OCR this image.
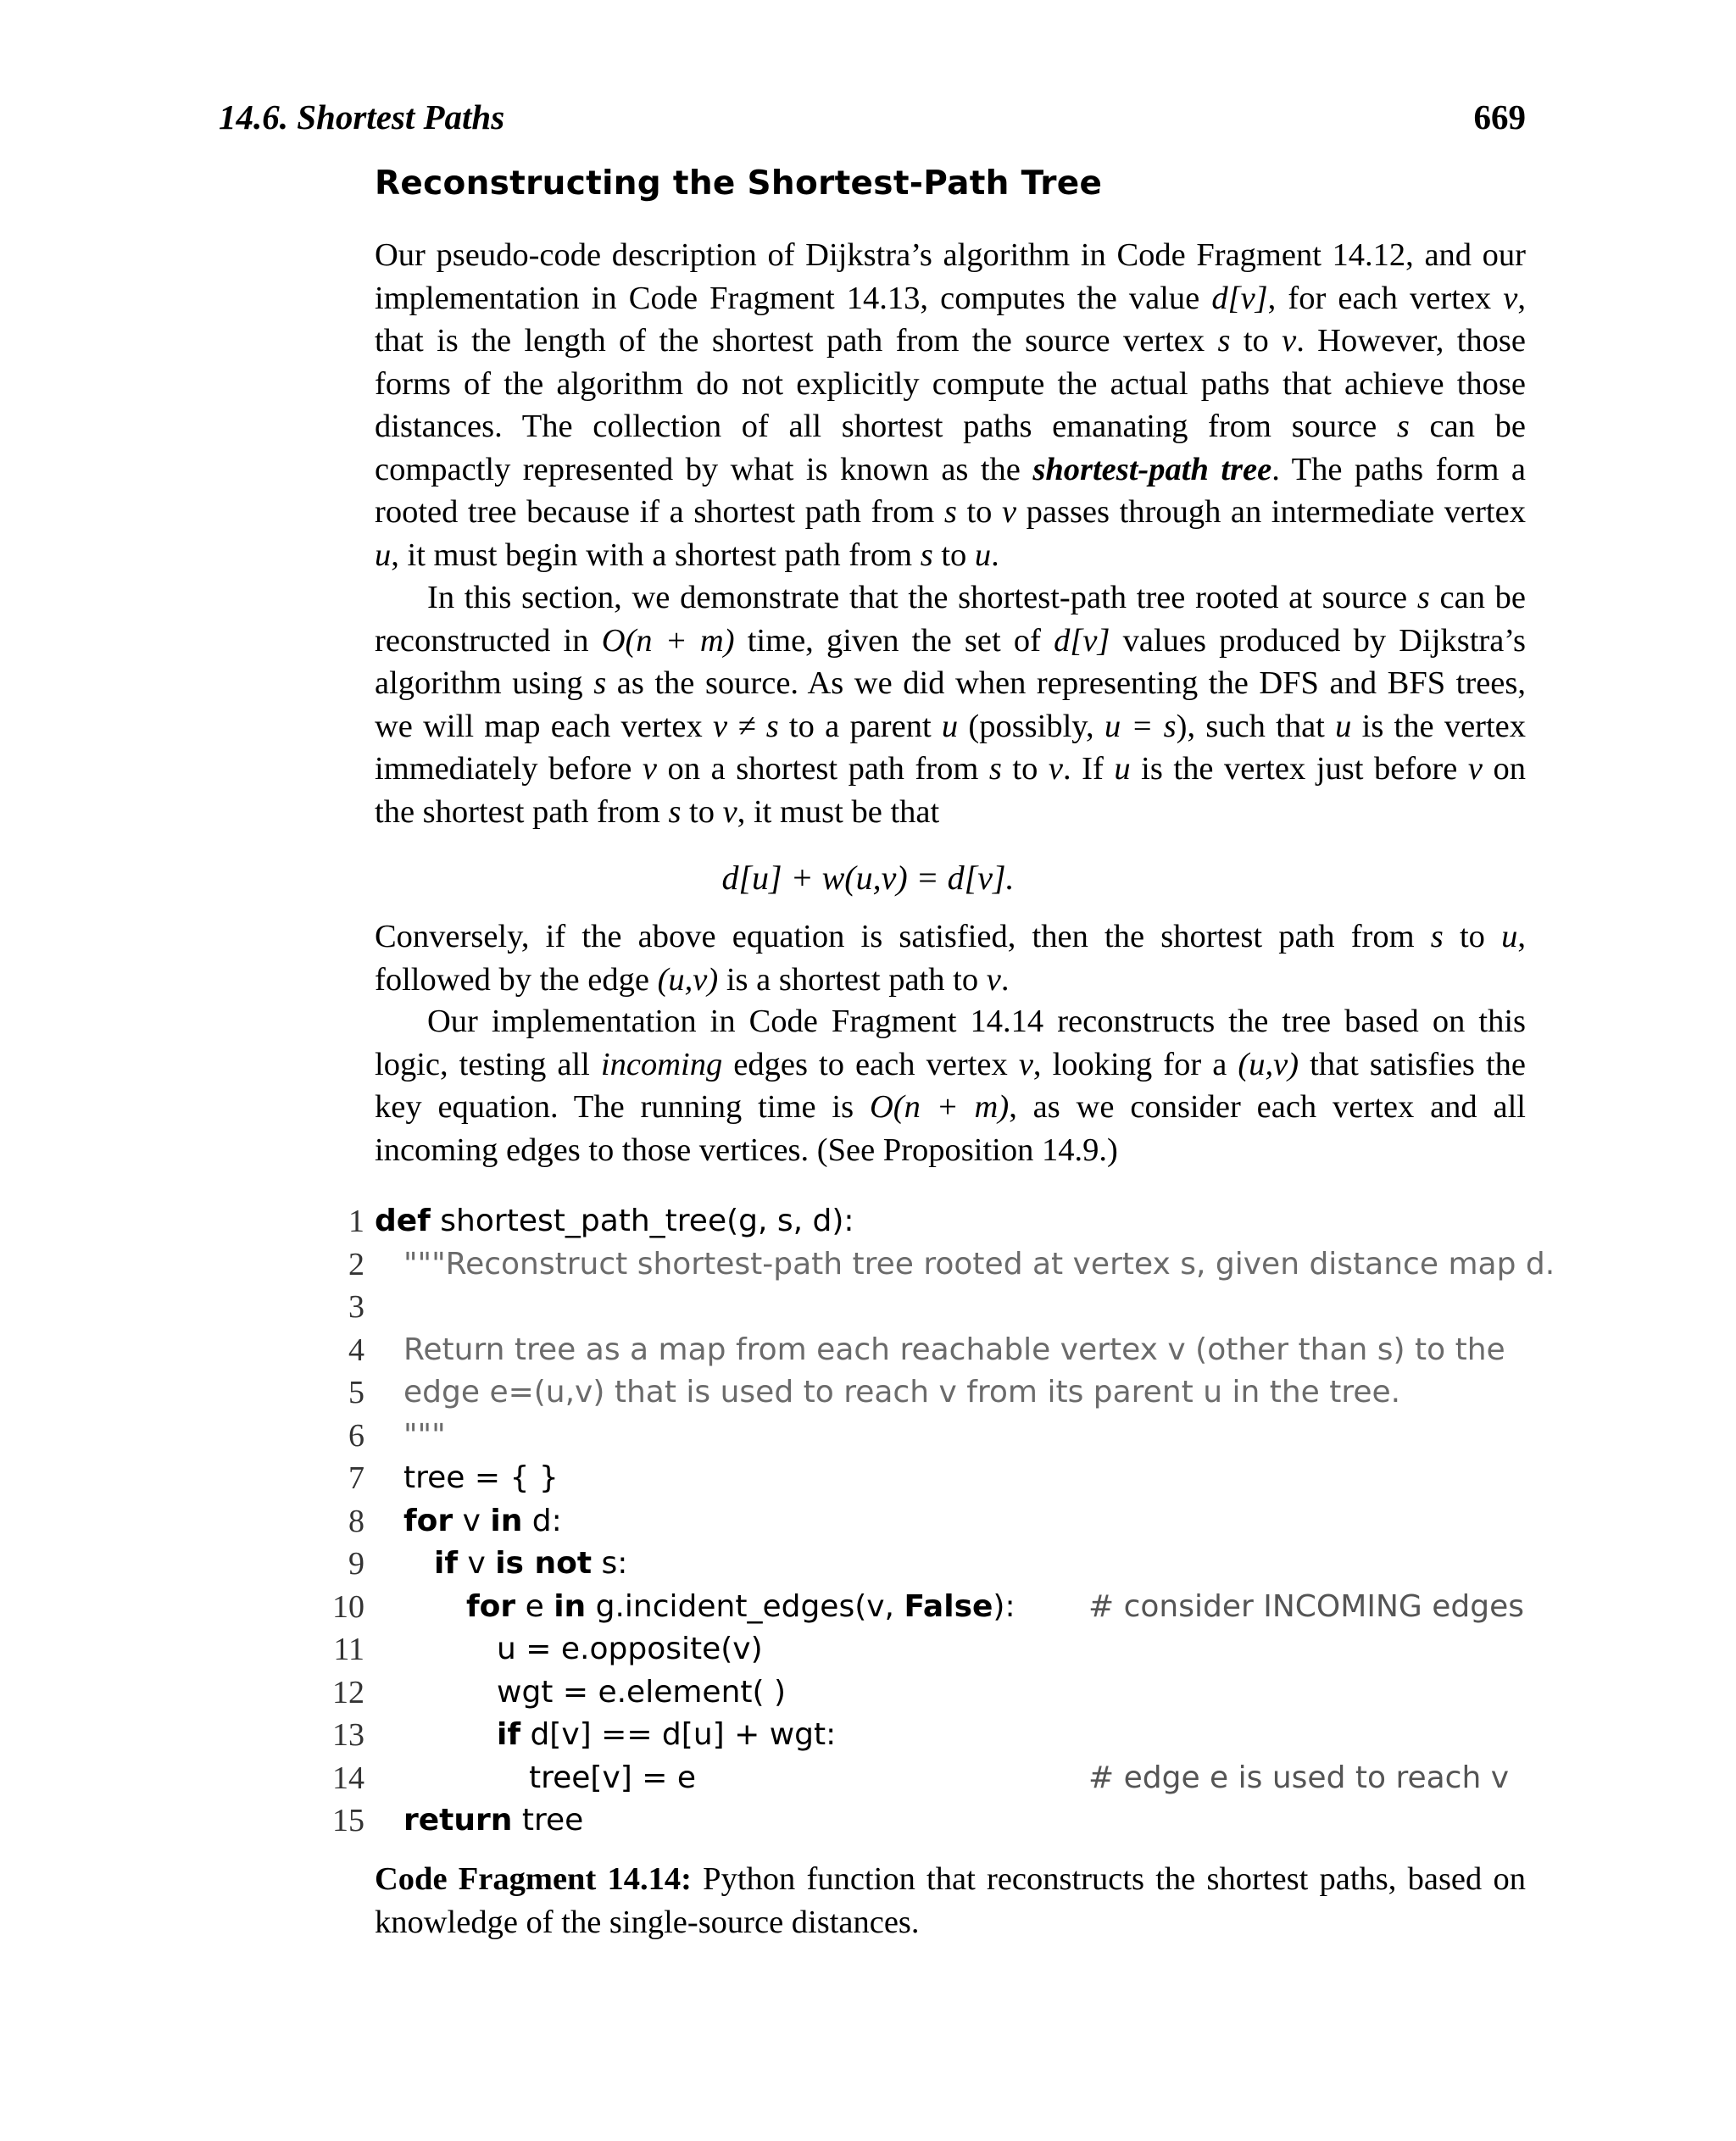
14.6. Shortest Paths	669
Reconstructing the Shortest-Path Tree

Our pseudo-code description of Dijkstra’s algorithm in Code Fragment 14.12, and our implementation in Code Fragment 14.13, computes the value d[v], for each vertex v, that is the length of the shortest path from the source vertex s to v. However, those forms of the algorithm do not explicitly compute the actual paths that achieve those distances. The collection of all shortest paths emanating from source s can be compactly represented by what is known as the shortest-path tree. The paths form a rooted tree because if a shortest path from s to v passes through an intermediate vertex u, it must begin with a shortest path from s to u.

In this section, we demonstrate that the shortest-path tree rooted at source s can be reconstructed in O(n + m) time, given the set of d[v] values produced by Dijkstra’s algorithm using s as the source. As we did when representing the DFS and BFS trees, we will map each vertex v ≠ s to a parent u (possibly, u = s), such that u is the vertex immediately before v on a shortest path from s to v. If u is the vertex just before v on the shortest path from s to v, it must be that

d[u] + w(u,v) = d[v].

Conversely, if the above equation is satisfied, then the shortest path from s to u, followed by the edge (u,v) is a shortest path to v.

Our implementation in Code Fragment 14.14 reconstructs the tree based on this logic, testing all incoming edges to each vertex v, looking for a (u,v) that satisfies the key equation. The running time is O(n + m), as we consider each vertex and all incoming edges to those vertices. (See Proposition 14.9.)

1 def shortest_path_tree(g, s, d):
2 """Reconstruct shortest-path tree rooted at vertex s, given distance map d.
3
4 Return tree as a map from each reachable vertex v (other than s) to the
5 edge e=(u,v) that is used to reach v from its parent u in the tree.
6 """
7 tree = { }
8 for v in d:
9 if v is not s:
10	for e in g.incident_edges(v, False): # consider INCOMING edges
11	u = e.opposite(v)
12	wgt = e.element( )
13	if d[v] == d[u] + wgt:
14	tree[v] = e	# edge e is used to reach v
15 return tree
Code Fragment 14.14: Python function that reconstructs the shortest paths, based on knowledge of the single-source distances.
